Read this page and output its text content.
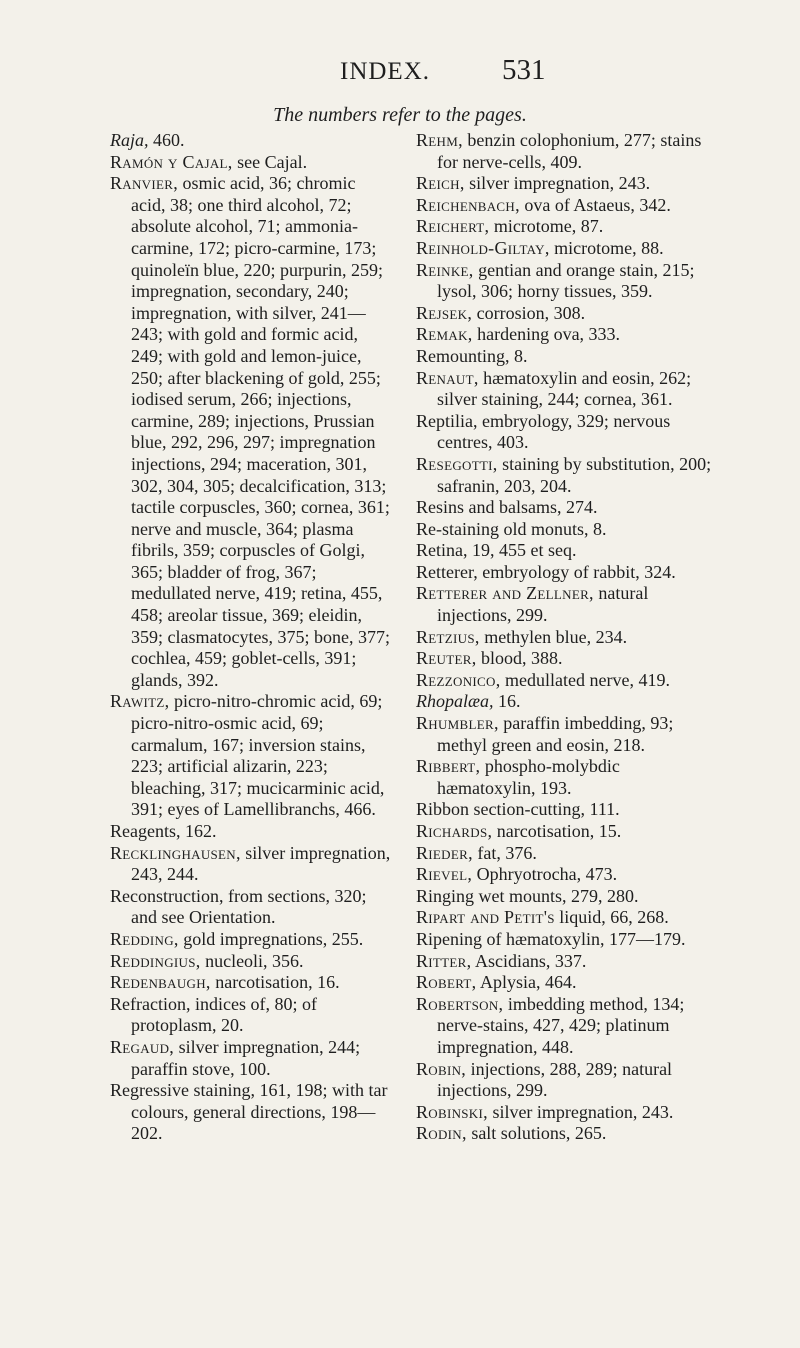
INDEX. 531
The numbers refer to the pages.

Raja, 460.

Ramón y Cajal, see Cajal.

Ranvier, osmic acid, 36; chromic acid, 38; one third alcohol, 72; absolute alcohol, 71; ammonia-carmine, 172; picro-carmine, 173; quinoleïn blue, 220; purpurin, 259; impregnation, secondary, 240; impregnation, with silver, 241—243; with gold and formic acid, 249; with gold and lemon-juice, 250; after blackening of gold, 255; iodised serum, 266; injections, carmine, 289; injections, Prussian blue, 292, 296, 297; impregnation injections, 294; maceration, 301, 302, 304, 305; decalcification, 313; tactile corpuscles, 360; cornea, 361; nerve and muscle, 364; plasma fibrils, 359; corpuscles of Golgi, 365; bladder of frog, 367; medullated nerve, 419; retina, 455, 458; areolar tissue, 369; eleidin, 359; clasmatocytes, 375; bone, 377; cochlea, 459; goblet-cells, 391; glands, 392.

Rawitz, picro-nitro-chromic acid, 69; picro-nitro-osmic acid, 69; carmalum, 167; inversion stains, 223; artificial alizarin, 223; bleaching, 317; mucicarminic acid, 391; eyes of Lamellibranchs, 466.

Reagents, 162.

Recklinghausen, silver impregnation, 243, 244.

Reconstruction, from sections, 320; and see Orientation.

Redding, gold impregnations, 255.

Reddingius, nucleoli, 356.

Redenbaugh, narcotisation, 16.

Refraction, indices of, 80; of protoplasm, 20.

Regaud, silver impregnation, 244; paraffin stove, 100.

Regressive staining, 161, 198; with tar colours, general directions, 198—202.

Rehm, benzin colophonium, 277; stains for nerve-cells, 409.

Reich, silver impregnation, 243.

Reichenbach, ova of Astaeus, 342.

Reichert, microtome, 87.

Reinhold-Giltay, microtome, 88.

Reinke, gentian and orange stain, 215; lysol, 306; horny tissues, 359.

Rejsek, corrosion, 308.

Remak, hardening ova, 333.

Remounting, 8.

Renaut, hæmatoxylin and eosin, 262; silver staining, 244; cornea, 361.

Reptilia, embryology, 329; nervous centres, 403.

Resegotti, staining by substitution, 200; safranin, 203, 204.

Resins and balsams, 274.

Re-staining old monuts, 8.

Retina, 19, 455 et seq.

Retterer, embryology of rabbit, 324.

Retterer and Zellner, natural injections, 299.

Retzius, methylen blue, 234.

Reuter, blood, 388.

Rezzonico, medullated nerve, 419.

Rhopalæa, 16.

Rhumbler, paraffin imbedding, 93; methyl green and eosin, 218.

Ribbert, phospho-molybdic hæmatoxylin, 193.

Ribbon section-cutting, 111.

Richards, narcotisation, 15.

Rieder, fat, 376.

Rievel, Ophryotrocha, 473.

Ringing wet mounts, 279, 280.

Ripart and Petit's liquid, 66, 268.

Ripening of hæmatoxylin, 177—179.

Ritter, Ascidians, 337.

Robert, Aplysia, 464.

Robertson, imbedding method, 134; nerve-stains, 427, 429; platinum impregnation, 448.

Robin, injections, 288, 289; natural injections, 299.

Robinski, silver impregnation, 243.

Rodin, salt solutions, 265.
